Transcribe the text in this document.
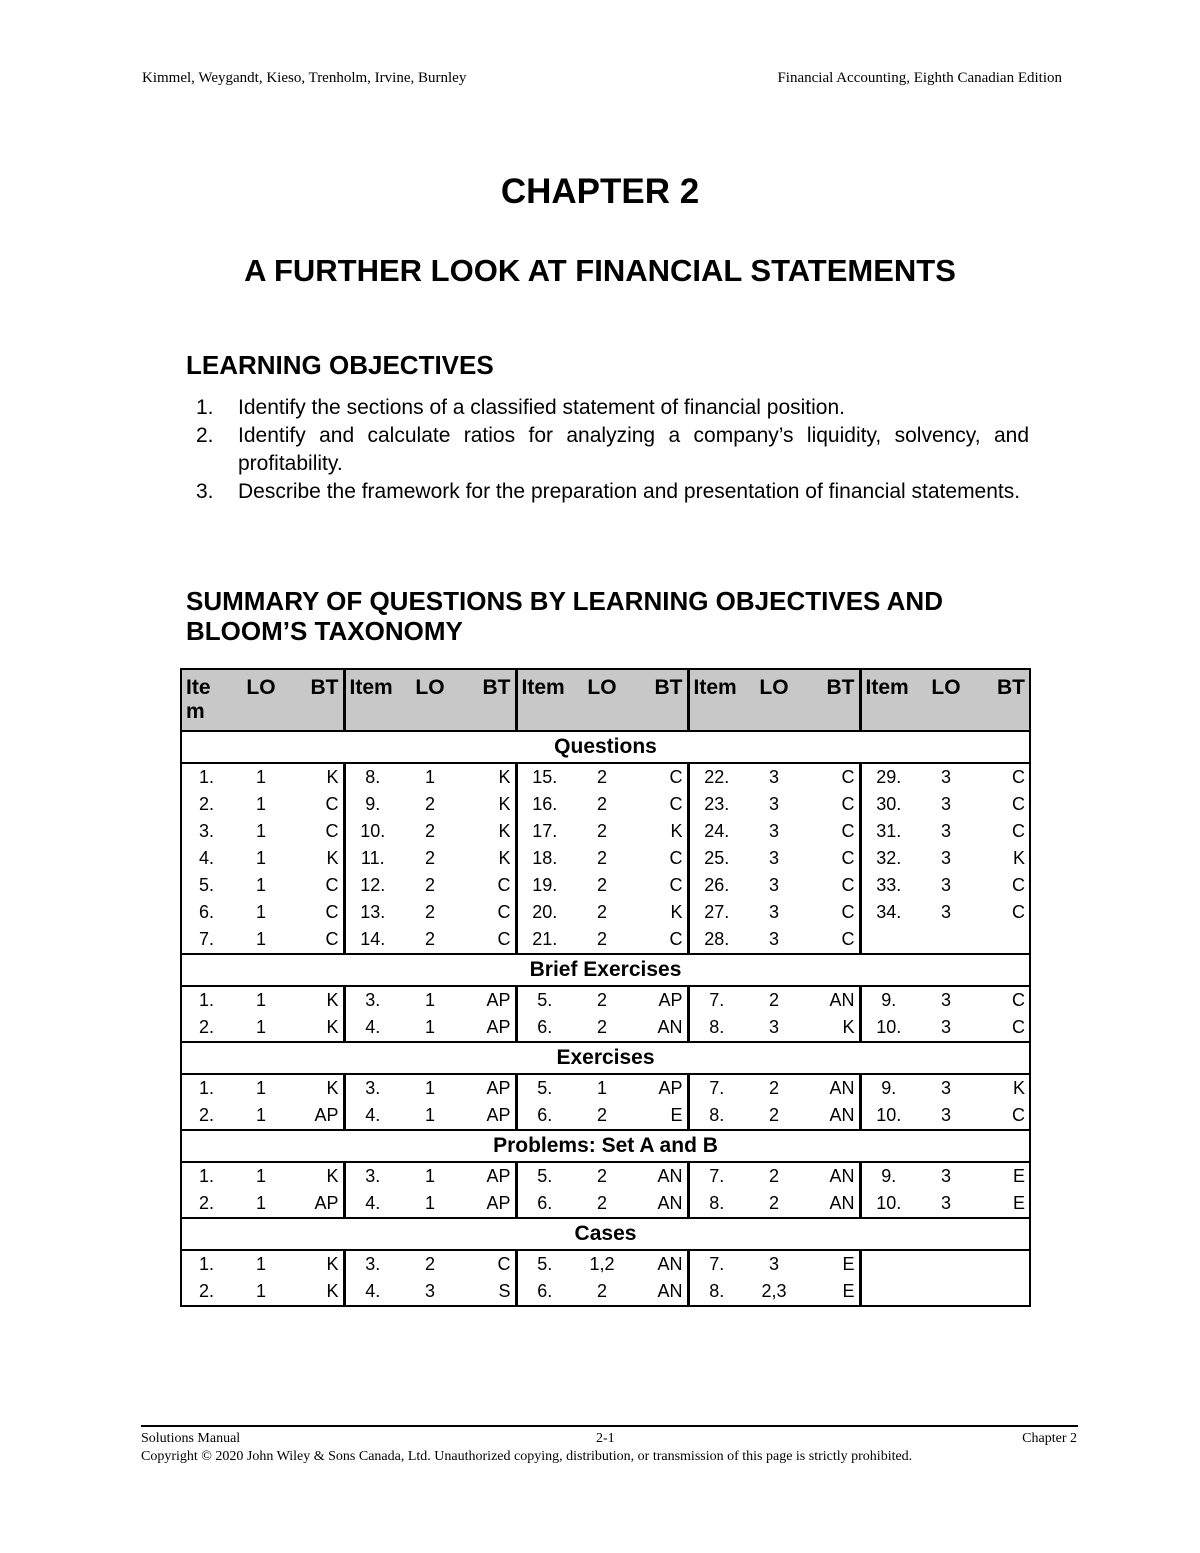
Kimmel, Weygandt, Kieso, Trenholm, Irvine, Burnley	Financial Accounting, Eighth Canadian Edition
CHAPTER 2
A FURTHER LOOK AT FINANCIAL STATEMENTS
LEARNING OBJECTIVES
1.	Identify the sections of a classified statement of financial position.
2.	Identify and calculate ratios for analyzing a company’s liquidity, solvency, and profitability.
3.	Describe the framework for the preparation and presentation of financial statements.
SUMMARY OF QUESTIONS BY LEARNING OBJECTIVES AND BLOOM’S TAXONOMY
Ite m	LO	BT	Item	LO	BT	Item	LO	BT	Item	LO	BT	Item	LO	BT
Questions														
1.	1	K	8.	1	K	15.	2	C	22.	3	C	29.	3	C
2.	1	C	9.	2	K	16.	2	C	23.	3	C	30.	3	C
3.	1	C	10.	2	K	17.	2	K	24.	3	C	31.	3	C
4.	1	K	11.	2	K	18.	2	C	25.	3	C	32.	3	K
5.	1	C	12.	2	C	19.	2	C	26.	3	C	33.	3	C
6.	1	C	13.	2	C	20.	2	K	27.	3	C	34.	3	C
7.	1	C	14.	2	C	21.	2	C	28.	3	C			
Brief Exercises														
1.	1	K	3.	1	AP	5.	2	AP	7.	2	AN	9.	3	C
2.	1	K	4.	1	AP	6.	2	AN	8.	3	K	10.	3	C
Exercises														
1.	1	K	3.	1	AP	5.	1	AP	7.	2	AN	9.	3	K
2.	1	AP	4.	1	AP	6.	2	E	8.	2	AN	10.	3	C
Problems: Set A and B														
1.	1	K	3.	1	AP	5.	2	AN	7.	2	AN	9.	3	E
2.	1	AP	4.	1	AP	6.	2	AN	8.	2	AN	10.	3	E
Cases														
1.	1	K	3.	2	C	5.	1,2	AN	7.	3	E			
2.	1	K	4.	3	S	6.	2	AN	8.	2,3	E			
Solutions Manual	2-1	Chapter 2
Copyright © 2020 John Wiley & Sons Canada, Ltd. Unauthorized copying, distribution, or transmission of this page is strictly prohibited.
